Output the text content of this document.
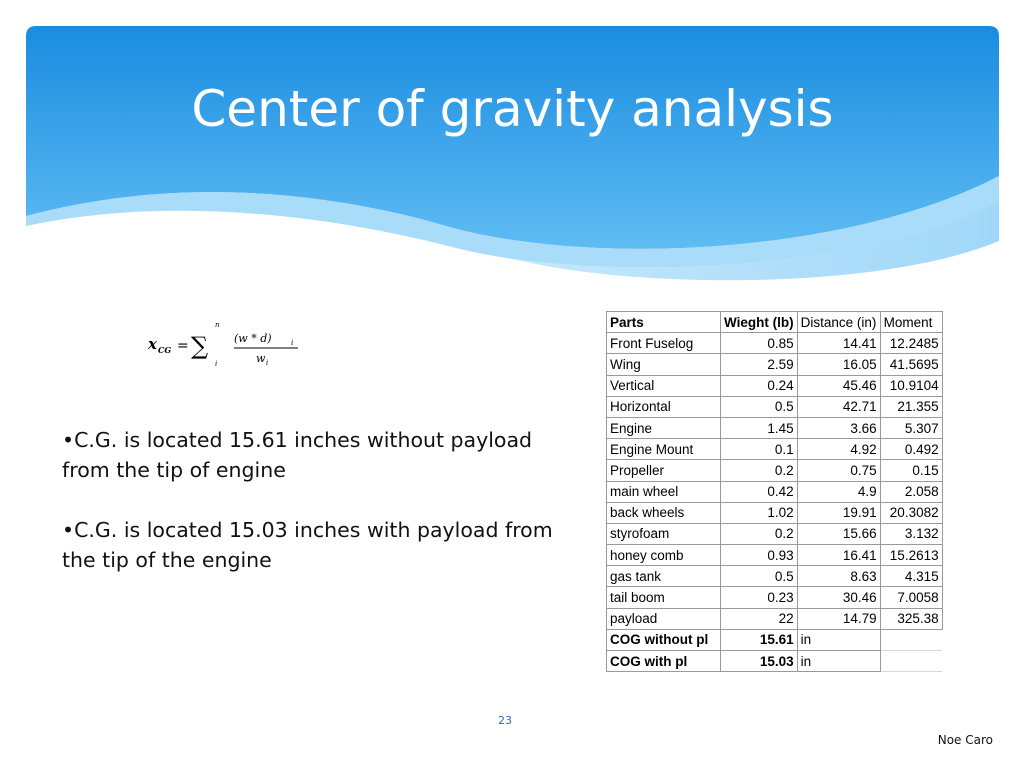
Center of gravity analysis
x CG = ∑
n
i
(w * d)	i
w i

•C.G. is located 15.61 inches without payload from the tip of engine

•C.G. is located 15.03 inches with payload from the tip of the engine

Parts	Wieght (lb)	Distance (in)	Moment
Front Fuselog	0.85	14.41	12.2485
Wing	2.59	16.05	41.5695
Vertical	0.24	45.46	10.9104
Horizontal	0.5	42.71	21.355
Engine	1.45	3.66	5.307
Engine Mount	0.1	4.92	0.492
Propeller	0.2	0.75	0.15
main wheel	0.42	4.9	2.058
back wheels	1.02	19.91	20.3082
styrofoam	0.2	15.66	3.132
honey comb	0.93	16.41	15.2613
gas tank	0.5	8.63	4.315
tail boom	0.23	30.46	7.0058
payload	22	14.79	325.38
COG without pl	15.61	in	
COG with pl	15.03	in	
23
Noe Caro
